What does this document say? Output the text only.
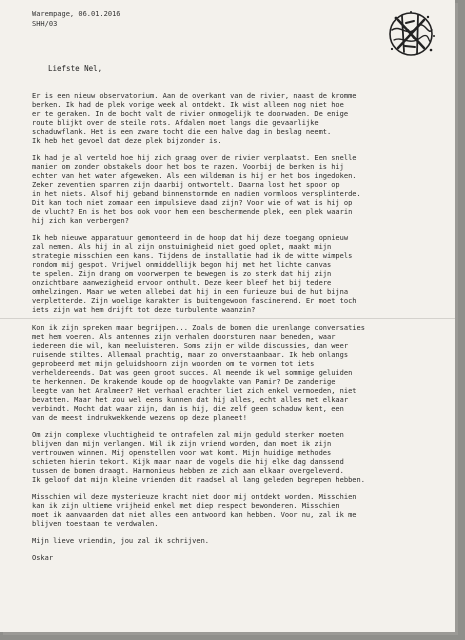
Warempage, 06.01.2016
SHH/03
Liefste Nel,
Er is een nieuw observatorium. Aan de overkant van de rivier, naast de kromme
berken. Ik had de plek vorige week al ontdekt. Ik wist alleen nog niet hoe
er te geraken. In de bocht valt de rivier onmogelijk te doorwaden. De enige
route blijkt over de steile rots. Afdalen moet langs die gevaarlijke
schaduwflank. Het is een zware tocht die een halve dag in beslag neemt.
Ik heb het gevoel dat deze plek bijzonder is.
Ik had je al verteld hoe hij zich graag over de rivier verplaatst. Een snelle
manier om zonder obstakels door het bos te razen. Voorbij de berken is hij
echter van het water afgeweken. Als een wildeman is hij er het bos ingedoken.
Zeker zeventien sparren zijn daarbij ontwortelt. Daarna lost het spoor op
in het niets. Alsof hij geband binnenstormde en nadien vormloos versplinterde.
Dit kan toch niet zomaar een impulsieve daad zijn? Voor wie of wat is hij op
de vlucht? En is het bos ook voor hem een beschermende plek, een plek waarin
hij zich kan verbergen?
Ik heb nieuwe apparatuur gemonteerd in de hoop dat hij deze toegang opnieuw
zal nemen. Als hij in al zijn onstuimigheid niet goed oplet, maakt mijn
strategie misschien een kans. Tijdens de installatie had ik de witte wimpels
rondom mij gespot. Vrijwel onmiddellijk begon hij met het lichte canvas
te spelen. Zijn drang om voorwerpen te bewegen is zo sterk dat hij zijn
onzichtbare aanwezigheid ervoor onthult. Deze keer bleef het bij tedere
omhelzingen. Maar we weten allebei dat hij in een furieuze bui de hut bijna
verpletterde. Zijn woelige karakter is buitengewoon fascinerend. Er moet toch
iets zijn wat hem drijft tot deze turbulente waanzin?
Kon ik zijn spreken maar begrijpen... Zoals de bomen die urenlange conversaties
met hem voeren. Als antennes zijn verhalen doorsturen naar beneden, waar
iedereen die wil, kan meeluisteren. Soms zijn er wilde discussies, dan weer
ruisende stiltes. Allemaal prachtig, maar zo onverstaanbaar. Ik heb onlangs
geprobeerd met mijn geluidshoorn zijn woorden om te vormen tot iets
verheldereends. Dat was geen groot succes. Al meende ik wel sommige geluiden
te herkennen. De krakende koude op de hoogvlakte van Pamir? De zanderige
leegte van het Aralmeer? Het verhaal erachter liet zich enkel vermoeden, niet
bevatten. Maar het zou wel eens kunnen dat hij alles, echt alles met elkaar
verbindt. Mocht dat waar zijn, dan is hij, die zelf geen schaduw kent, een
van de meest indrukwekkende wezens op deze planeet!
Om zijn complexe vluchtigheid te ontrafelen zal mijn geduld sterker moeten
blijven dan mijn verlangen. Wil ik zijn vriend worden, dan moet ik zijn
vertrouwen winnen. Mij openstellen voor wat komt. Mijn huidige methodes
schieten hierin tekort. Kijk maar naar de vogels die hij elke dag danssend
tussen de bomen draagt. Harmonieus hebben ze zich aan elkaar overgeleverd.
Ik geloof dat mijn kleine vrienden dit raadsel al lang geleden begrepen hebben.
Misschien wil deze mysterieuze kracht niet door mij ontdekt worden. Misschien
kan ik zijn ultieme vrijheid enkel met diep respect bewonderen. Misschien
moet ik aanvaarden dat niet alles een antwoord kan hebben. Voor nu, zal ik me
blijven toestaan te verdwalen.
Mijn lieve vriendin, jou zal ik schrijven.
Oskar
